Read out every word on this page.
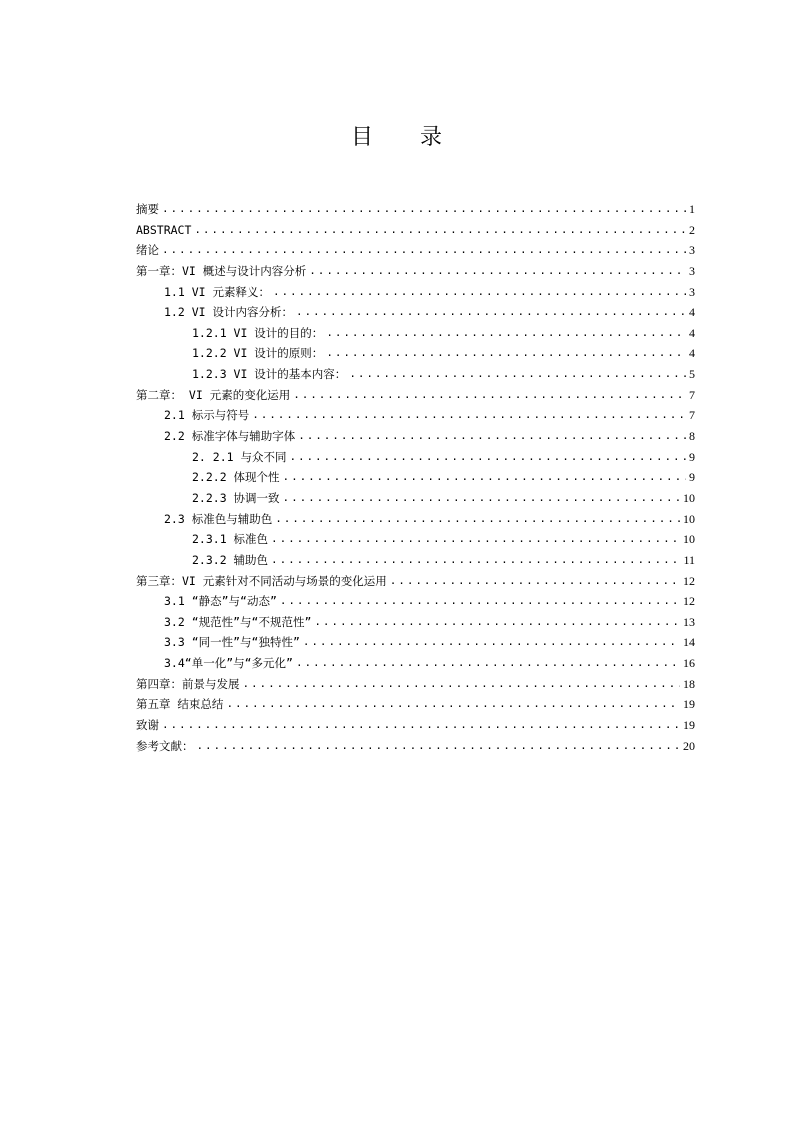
目 录
摘要 .....	1
ABSTRACT .....	2
绪论 .....	3
第一章：VI 概述与设计内容分析 .....	3
1.1 VI 元素释义： .....	3
1.2 VI 设计内容分析： .....	4
1.2.1 VI 设计的目的： .....	4
1.2.2 VI 设计的原则： .....	4
1.2.3 VI 设计的基本内容： .....	5
第二章： VI 元素的变化运用 .....	7
2.1 标示与符号 .....	7
2.2 标准字体与辅助字体 .....	8
2. 2.1 与众不同 .....	9
2.2.2 体现个性 .....	9
2.2.3 协调一致 .....	10
2.3 标准色与辅助色 .....	10
2.3.1 标准色 .....	10
2.3.2 辅助色 .....	11
第三章：VI 元素针对不同活动与场景的变化运用 .....	12
3.1 “静态”与“动态” .....	12
3.2 “规范性”与“不规范性” .....	13
3.3 “同一性”与“独特性” .....	14
3.4“单一化”与“多元化” .....	16
第四章：前景与发展 .....	18
第五章 结束总结 .....	19
致谢 .....	19
参考文献： .....	20
